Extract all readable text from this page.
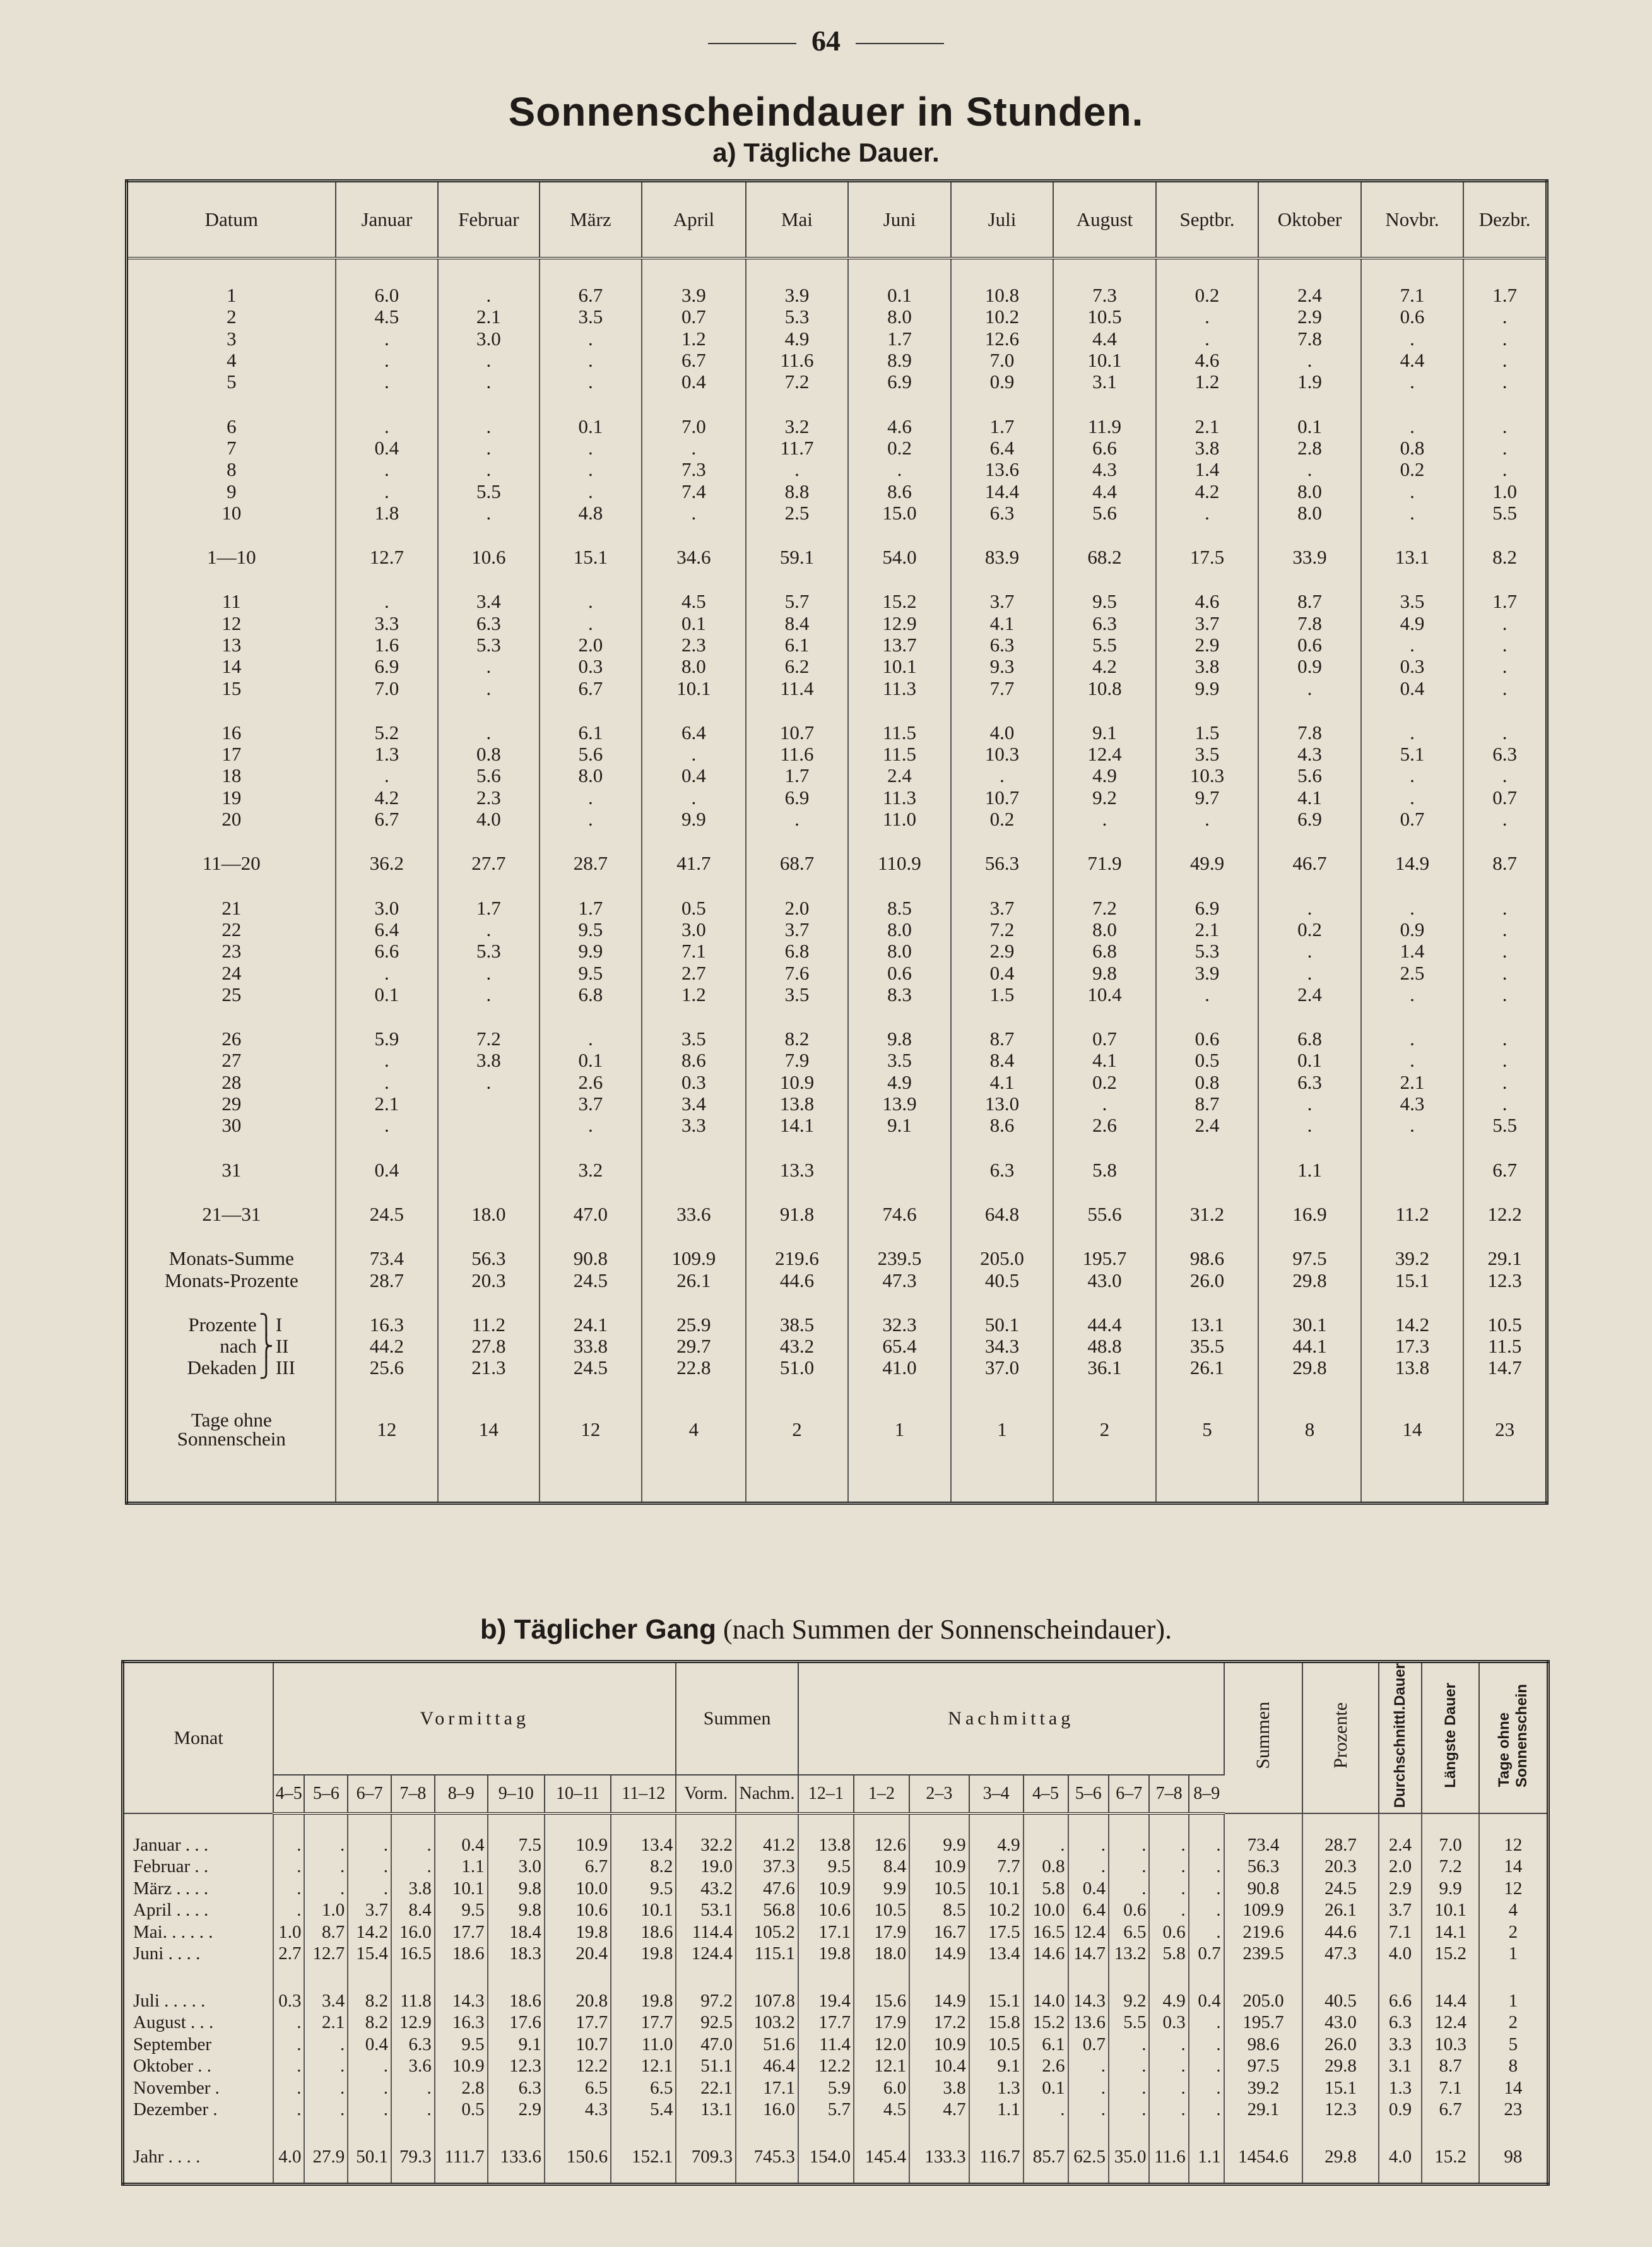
64
Sonnenscheindauer in Stunden.
a) Tägliche Dauer.
Datum	Januar	Februar	März	April	Mai	Juni	Juli	August	Septbr.	Oktober	Novbr.	Dezbr.

1	6.0	.	6.7	3.9	3.9	0.1	10.8	7.3	0.2	2.4	7.1	1.7
2	4.5	2.1	3.5	0.7	5.3	8.0	10.2	10.5	.	2.9	0.6	.
3	.	3.0	.	1.2	4.9	1.7	12.6	4.4	.	7.8	.	.
4	.	.	.	6.7	11.6	8.9	7.0	10.1	4.6	.	4.4	.
5	.	.	.	0.4	7.2	6.9	0.9	3.1	1.2	1.9	.	.

6	.	.	0.1	7.0	3.2	4.6	1.7	11.9	2.1	0.1	.	.
7	0.4	.	.	.	11.7	0.2	6.4	6.6	3.8	2.8	0.8	.
8	.	.	.	7.3	.	.	13.6	4.3	1.4	.	0.2	.
9	.	5.5	.	7.4	8.8	8.6	14.4	4.4	4.2	8.0	.	1.0
10	1.8	.	4.8	.	2.5	15.0	6.3	5.6	.	8.0	.	5.5

1—10	12.7	10.6	15.1	34.6	59.1	54.0	83.9	68.2	17.5	33.9	13.1	8.2

11	.	3.4	.	4.5	5.7	15.2	3.7	9.5	4.6	8.7	3.5	1.7
12	3.3	6.3	.	0.1	8.4	12.9	4.1	6.3	3.7	7.8	4.9	.
13	1.6	5.3	2.0	2.3	6.1	13.7	6.3	5.5	2.9	0.6	.	.
14	6.9	.	0.3	8.0	6.2	10.1	9.3	4.2	3.8	0.9	0.3	.
15	7.0	.	6.7	10.1	11.4	11.3	7.7	10.8	9.9	.	0.4	.

16	5.2	.	6.1	6.4	10.7	11.5	4.0	9.1	1.5	7.8	.	.
17	1.3	0.8	5.6	.	11.6	11.5	10.3	12.4	3.5	4.3	5.1	6.3
18	.	5.6	8.0	0.4	1.7	2.4	.	4.9	10.3	5.6	.	.
19	4.2	2.3	.	.	6.9	11.3	10.7	9.2	9.7	4.1	.	0.7
20	6.7	4.0	.	9.9	.	11.0	0.2	.	.	6.9	0.7	.

11—20	36.2	27.7	28.7	41.7	68.7	110.9	56.3	71.9	49.9	46.7	14.9	8.7

21	3.0	1.7	1.7	0.5	2.0	8.5	3.7	7.2	6.9	.	.	.
22	6.4	.	9.5	3.0	3.7	8.0	7.2	8.0	2.1	0.2	0.9	.
23	6.6	5.3	9.9	7.1	6.8	8.0	2.9	6.8	5.3	.	1.4	.
24	.	.	9.5	2.7	7.6	0.6	0.4	9.8	3.9	.	2.5	.
25	0.1	.	6.8	1.2	3.5	8.3	1.5	10.4	.	2.4	.	.

26	5.9	7.2	.	3.5	8.2	9.8	8.7	0.7	0.6	6.8	.	.
27	.	3.8	0.1	8.6	7.9	3.5	8.4	4.1	0.5	0.1	.	.
28	.	.	2.6	0.3	10.9	4.9	4.1	0.2	0.8	6.3	2.1	.
29	2.1		3.7	3.4	13.8	13.9	13.0	.	8.7	.	4.3	.
30	.		.	3.3	14.1	9.1	8.6	2.6	2.4	.	.	5.5

31	0.4		3.2		13.3		6.3	5.8		1.1		6.7

21—31	24.5	18.0	47.0	33.6	91.8	74.6	64.8	55.6	31.2	16.9	11.2	12.2

Monats-Summe	73.4	56.3	90.8	109.9	219.6	239.5	205.0	195.7	98.6	97.5	39.2	29.1
Monats-Prozente	28.7	20.3	24.5	26.1	44.6	47.3	40.5	43.0	26.0	29.8	15.1	12.3

Prozente ⎫ I	16.3	11.2	24.1	25.9	38.5	32.3	50.1	44.4	13.1	30.1	14.2	10.5
nach ⎬ II	44.2	27.8	33.8	29.7	43.2	65.4	34.3	48.8	35.5	44.1	17.3	11.5
Dekaden ⎭ III	25.6	21.3	24.5	22.8	51.0	41.0	37.0	36.1	26.1	29.8	13.8	14.7

Tage ohne
Sonnenschein	12	14	12	4	2	1	1	2	5	8	14	23

b) Täglicher Gang (nach Summen der Sonnenscheindauer).
Monat	Vormittag								Summen		Nachmittag									Summen	Prozente	Durchschnittl.Dauer	Längste Dauer	Tage ohneSonnenschein
	4–5	5–6	6–7	7–8	8–9	9–10	10–11	11–12	Vorm.	Nachm.	12–1	1–2	2–3	3–4	4–5	5–6	6–7	7–8	8–9					

Januar . . .	.	.	.	.	0.4	7.5	10.9	13.4	32.2	41.2	13.8	12.6	9.9	4.9	.	.	.	.	.	73.4	28.7	2.4	7.0	12
Februar . .	.	.	.	.	1.1	3.0	6.7	8.2	19.0	37.3	9.5	8.4	10.9	7.7	0.8	.	.	.	.	56.3	20.3	2.0	7.2	14
März . . . .	.	.	.	3.8	10.1	9.8	10.0	9.5	43.2	47.6	10.9	9.9	10.5	10.1	5.8	0.4	.	.	.	90.8	24.5	2.9	9.9	12
April . . . .	.	1.0	3.7	8.4	9.5	9.8	10.6	10.1	53.1	56.8	10.6	10.5	8.5	10.2	10.0	6.4	0.6	.	.	109.9	26.1	3.7	10.1	4
Mai. . . . . .	1.0	8.7	14.2	16.0	17.7	18.4	19.8	18.6	114.4	105.2	17.1	17.9	16.7	17.5	16.5	12.4	6.5	0.6	.	219.6	44.6	7.1	14.1	2
Juni . . . .	2.7	12.7	15.4	16.5	18.6	18.3	20.4	19.8	124.4	115.1	19.8	18.0	14.9	13.4	14.6	14.7	13.2	5.8	0.7	239.5	47.3	4.0	15.2	1

Juli . . . . .	0.3	3.4	8.2	11.8	14.3	18.6	20.8	19.8	97.2	107.8	19.4	15.6	14.9	15.1	14.0	14.3	9.2	4.9	0.4	205.0	40.5	6.6	14.4	1
August . . .	.	2.1	8.2	12.9	16.3	17.6	17.7	17.7	92.5	103.2	17.7	17.9	17.2	15.8	15.2	13.6	5.5	0.3	.	195.7	43.0	6.3	12.4	2
September	.	.	0.4	6.3	9.5	9.1	10.7	11.0	47.0	51.6	11.4	12.0	10.9	10.5	6.1	0.7	.	.	.	98.6	26.0	3.3	10.3	5
Oktober . .	.	.	.	3.6	10.9	12.3	12.2	12.1	51.1	46.4	12.2	12.1	10.4	9.1	2.6	.	.	.	.	97.5	29.8	3.1	8.7	8
November .	.	.	.	.	2.8	6.3	6.5	6.5	22.1	17.1	5.9	6.0	3.8	1.3	0.1	.	.	.	.	39.2	15.1	1.3	7.1	14
Dezember .	.	.	.	.	0.5	2.9	4.3	5.4	13.1	16.0	5.7	4.5	4.7	1.1	.	.	.	.	.	29.1	12.3	0.9	6.7	23

Jahr . . . .	4.0	27.9	50.1	79.3	111.7	133.6	150.6	152.1	709.3	745.3	154.0	145.4	133.3	116.7	85.7	62.5	35.0	11.6	1.1	1454.6	29.8	4.0	15.2	98
